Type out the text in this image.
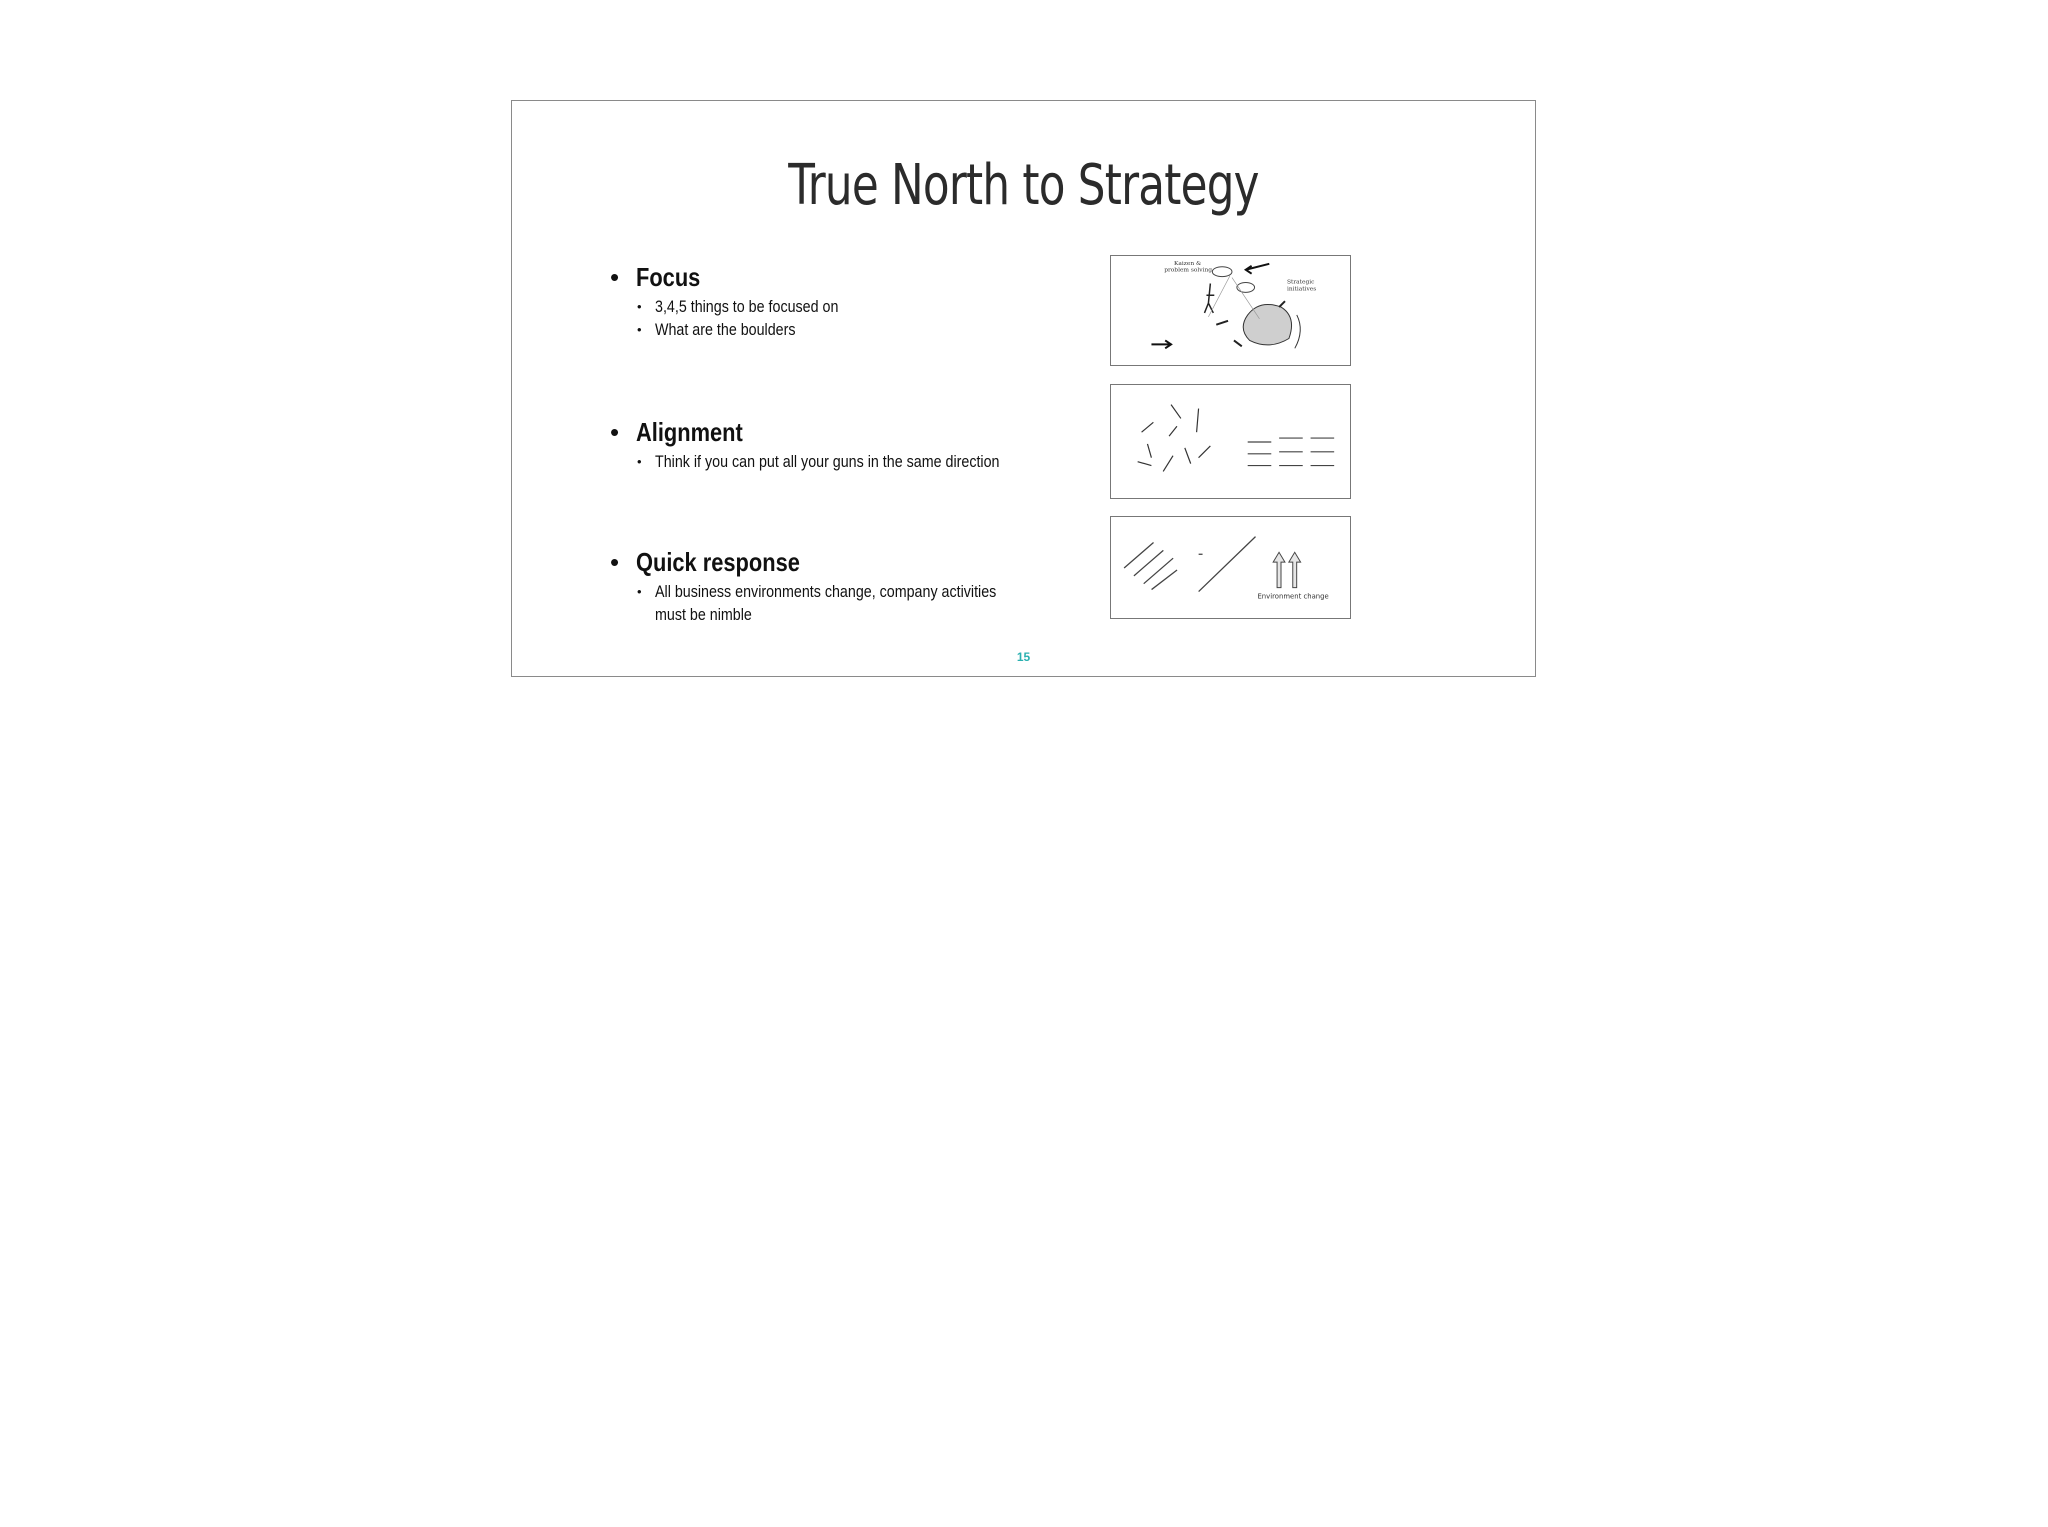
True North to Strategy
• Focus
• 3,4,5 things to be focused on
• What are the boulders
• Alignment
• Think if you can put all your guns in the same direction
• Quick response
• All business environments change, company activities must be nimble
Kaizen &
problem solving
Strategic
initiatives
Environment change
15
